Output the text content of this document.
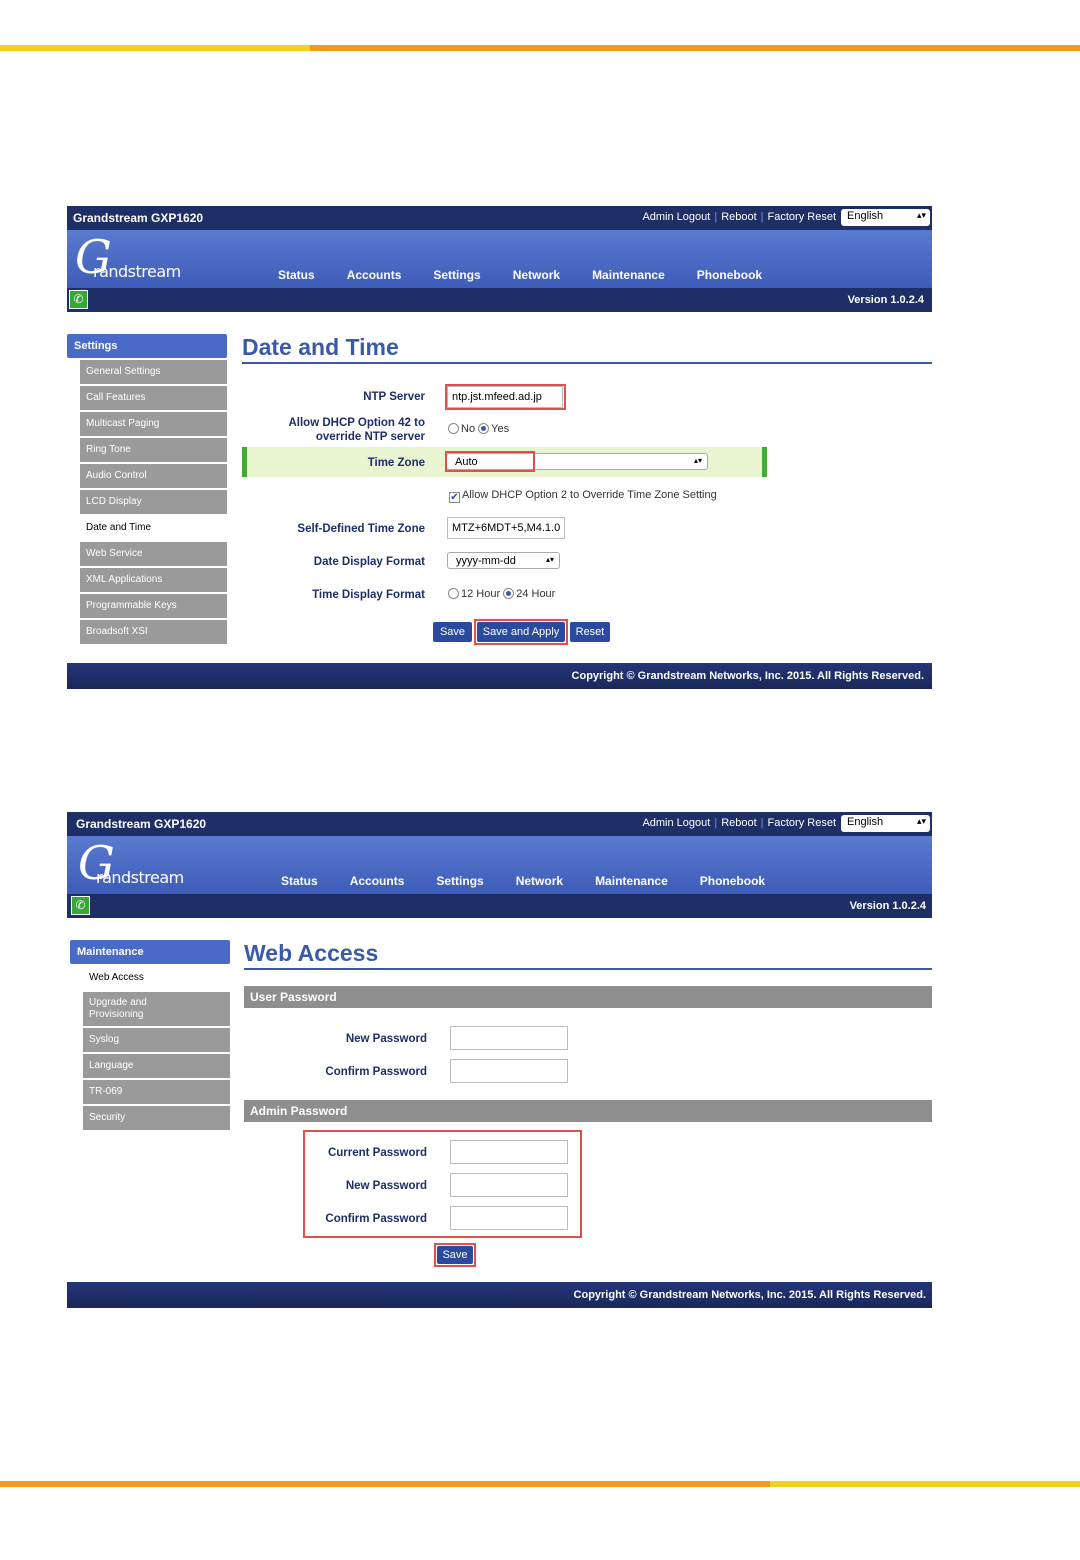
Grandstream GXP1620	Admin Logout | Reboot | Factory Reset	English	▴▾
G
randstream	Status	Accounts	Settings	Network	Maintenance	Phonebook
✆	Version 1.0.2.4
Settings
General Settings
Call Features
Multicast Paging
Ring Tone
Audio Control
LCD Display
Date and Time
Web Service
XML Applications
Programmable Keys
Broadsoft XSI
Date and Time
NTP Server	ntp.jst.mfeed.ad.jp
Allow DHCP Option 42 to
override NTP server
No Yes
Time Zone	Auto	▴▾
✔ Allow DHCP Option 2 to Override Time Zone Setting
Self-Defined Time Zone	MTZ+6MDT+5,M4.1.0
Date Display Format	yyyy-mm-dd	▴▾
Time Display Format	12 Hour 24 Hour
Save	Save and Apply	Reset
Copyright © Grandstream Networks, Inc. 2015. All Rights Reserved.
Grandstream GXP1620	Admin Logout | Reboot | Factory Reset	English	▴▾
G
randstream	Status	Accounts	Settings	Network	Maintenance	Phonebook
✆	Version 1.0.2.4
Maintenance
Web Access
Upgrade and
Provisioning
Syslog
Language
TR-069
Security
Web Access
User Password
New Password
Confirm Password
Admin Password
Current Password
New Password
Confirm Password
Save
Copyright © Grandstream Networks, Inc. 2015. All Rights Reserved.
